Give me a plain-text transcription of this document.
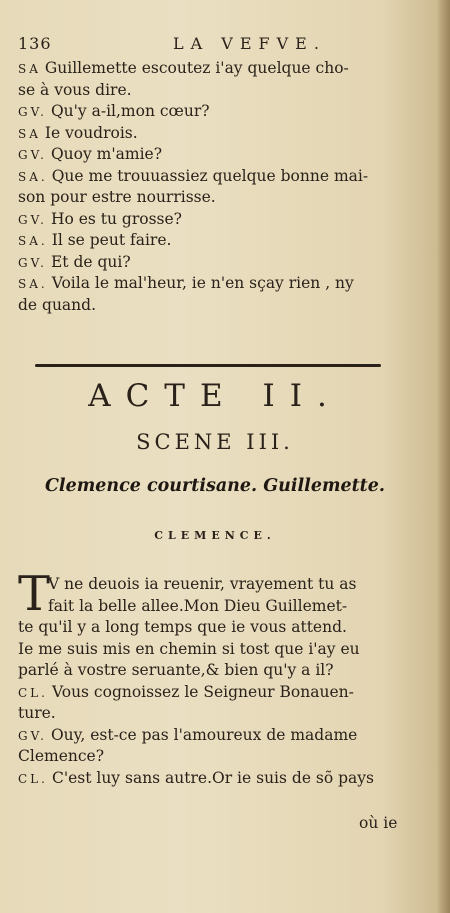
136	LA VEFVE.
SA Guillemette escoutez i'ay quelque cho-
se à vous dire.
GV. Qu'y a-il,mon cœur?
SA Ie voudrois.
GV. Quoy m'amie?
SA. Que me trouuassiez quelque bonne mai-
son pour estre nourrisse.
GV. Ho es tu grosse?
SA. Il se peut faire.
GV. Et de qui?
SA. Voila le mal'heur, ie n'en sçay rien , ny
de quand.
ACTE II.
SCENE III.
Clemence courtisane. Guillemette.
CLEMENCE.
T
V ne deuois ia reuenir, vrayement tu as
fait la belle allee.Mon Dieu Guillemet-
te qu'il y a long temps que ie vous attend.
Ie me suis mis en chemin si tost que i'ay eu
parlé à vostre seruante,& bien qu'y a il?
CL. Vous cognoissez le Seigneur Bonauen-
ture.
GV. Ouy, est-ce pas l'amoureux de madame
Clemence?
CL. C'est luy sans autre.Or ie suis de sõ pays
où ie
